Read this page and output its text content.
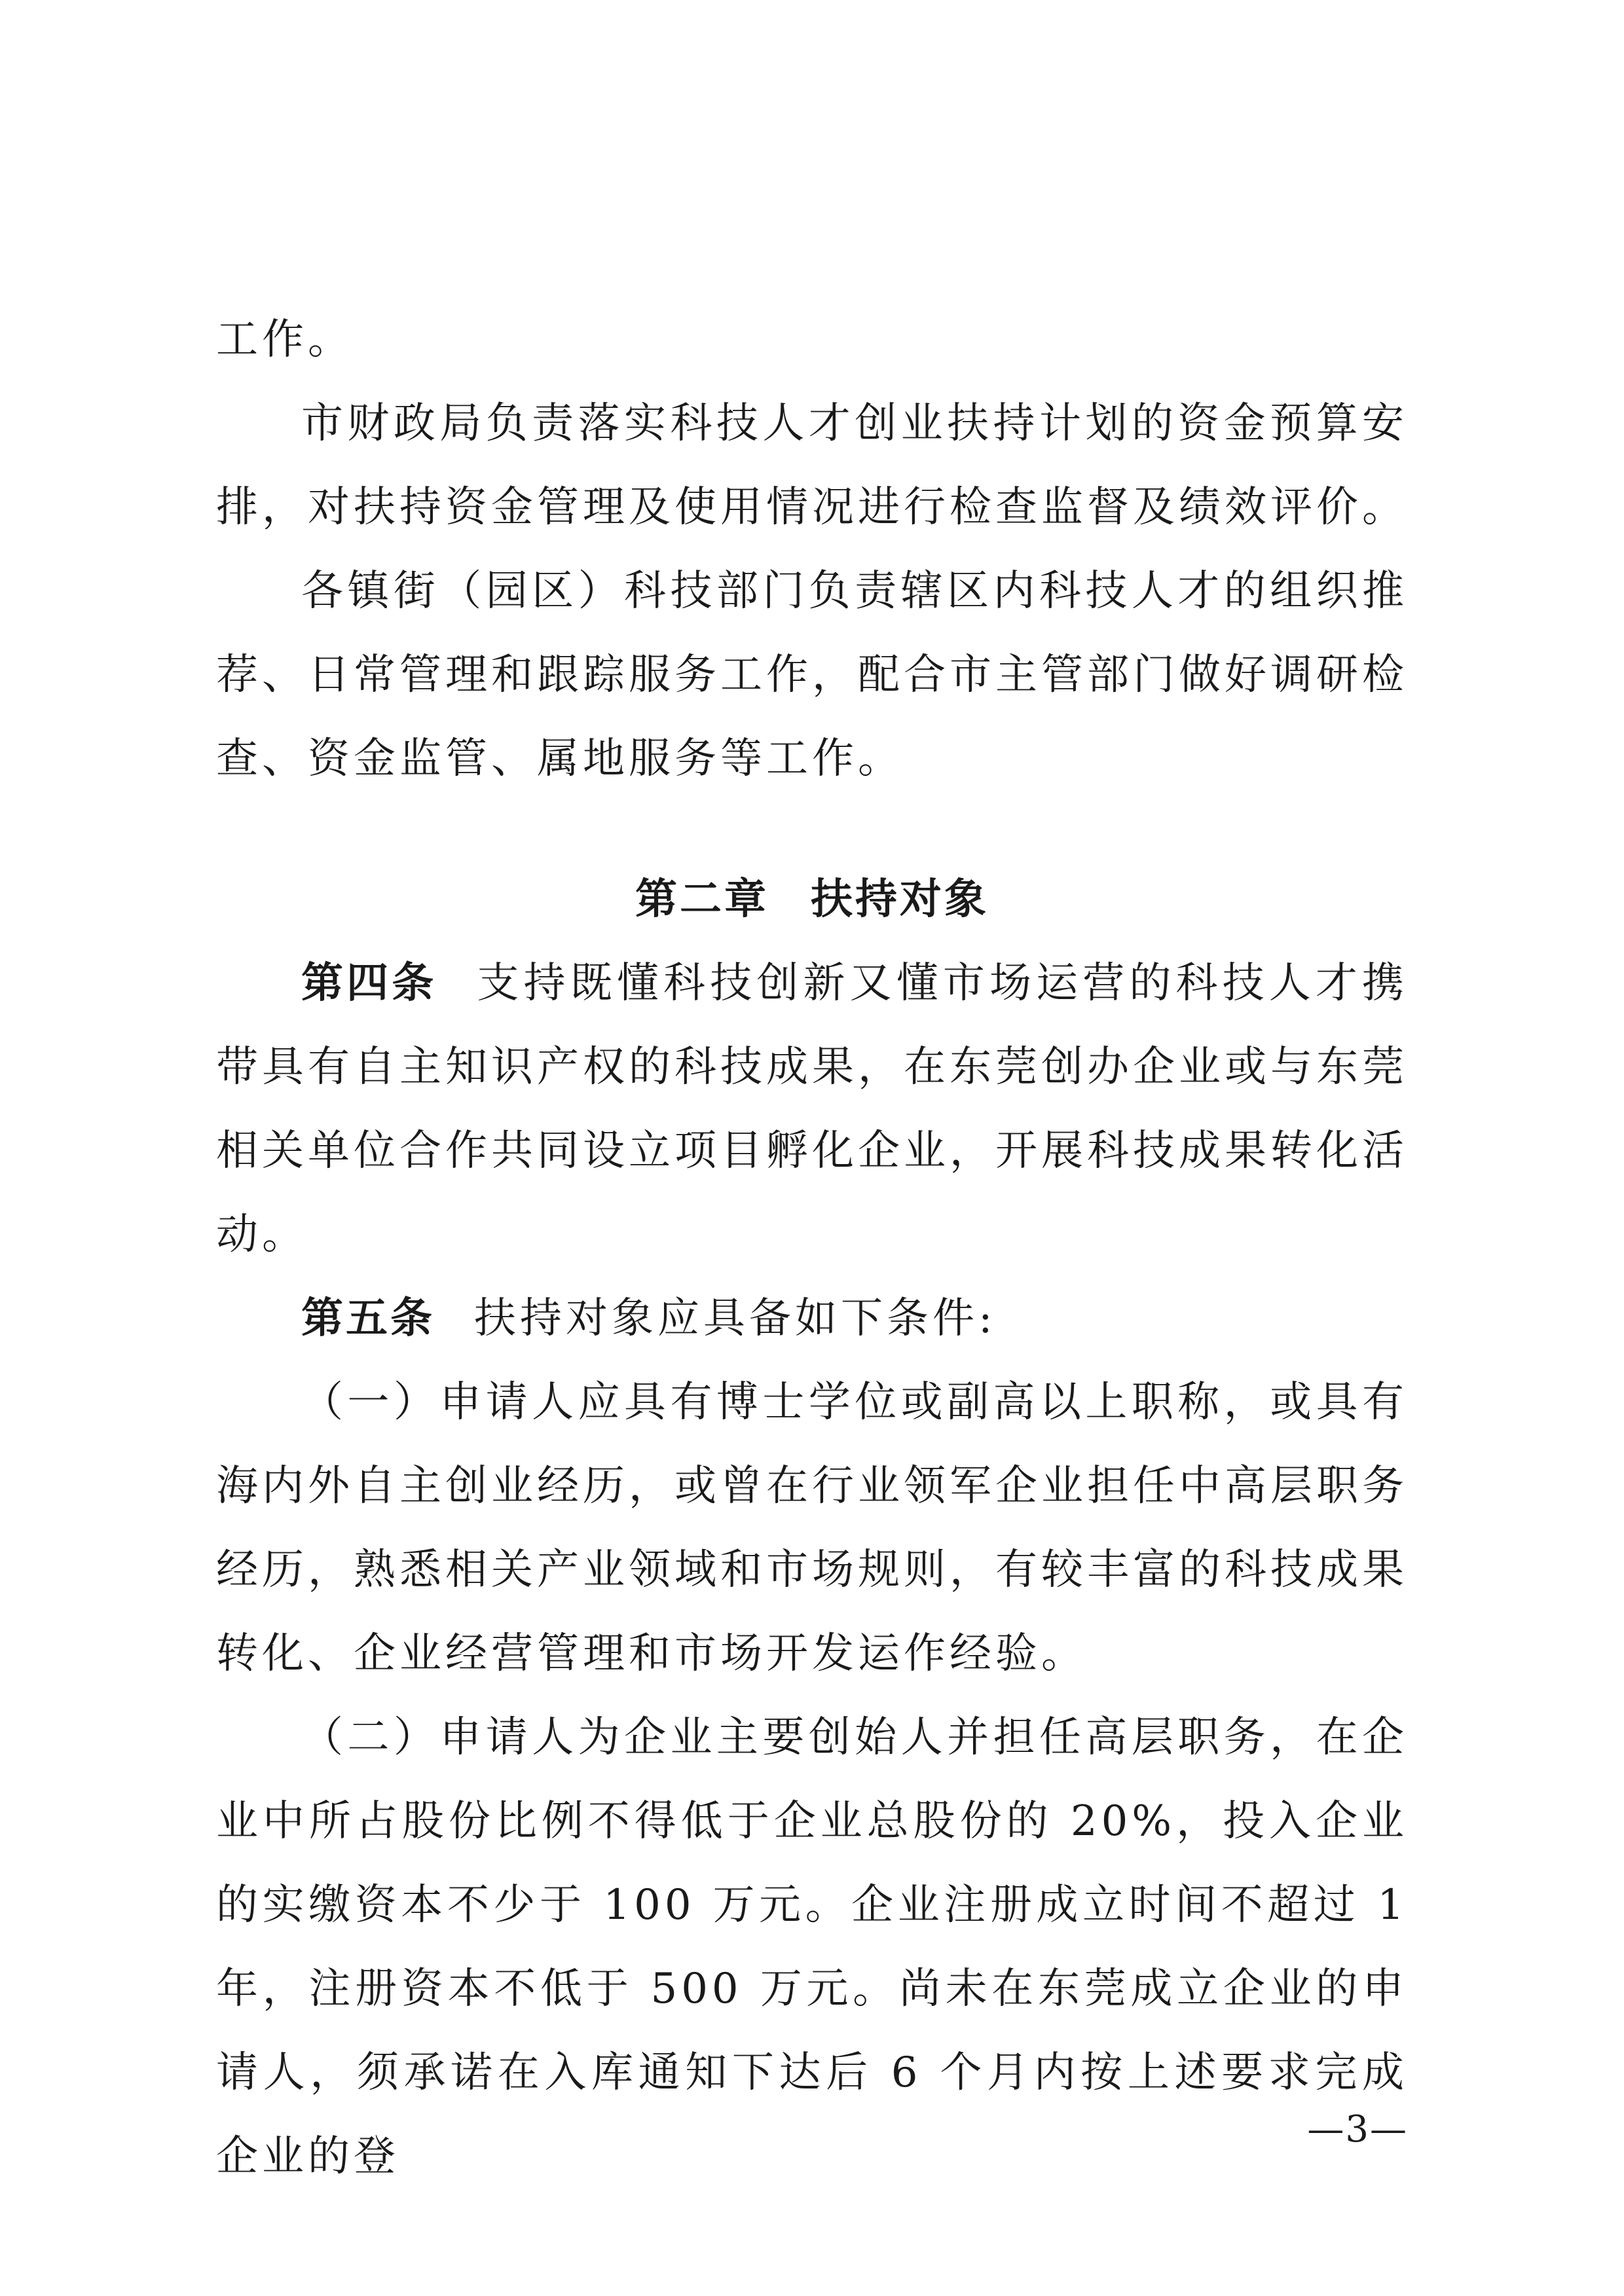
工作。

市财政局负责落实科技人才创业扶持计划的资金预算安排，对扶持资金管理及使用情况进行检查监督及绩效评价。

各镇街（园区）科技部门负责辖区内科技人才的组织推荐、日常管理和跟踪服务工作，配合市主管部门做好调研检查、资金监管、属地服务等工作。

第二章 扶持对象

第四条 支持既懂科技创新又懂市场运营的科技人才携带具有自主知识产权的科技成果，在东莞创办企业或与东莞相关单位合作共同设立项目孵化企业，开展科技成果转化活动。

第五条 扶持对象应具备如下条件:

（一）申请人应具有博士学位或副高以上职称，或具有海内外自主创业经历，或曾在行业领军企业担任中高层职务经历，熟悉相关产业领域和市场规则，有较丰富的科技成果转化、企业经营管理和市场开发运作经验。

（二）申请人为企业主要创始人并担任高层职务，在企业中所占股份比例不得低于企业总股份的 20%，投入企业的实缴资本不少于 100 万元。企业注册成立时间不超过 1 年，注册资本不低于 500 万元。尚未在东莞成立企业的申请人，须承诺在入库通知下达后 6 个月内按上述要求完成企业的登

—3—
